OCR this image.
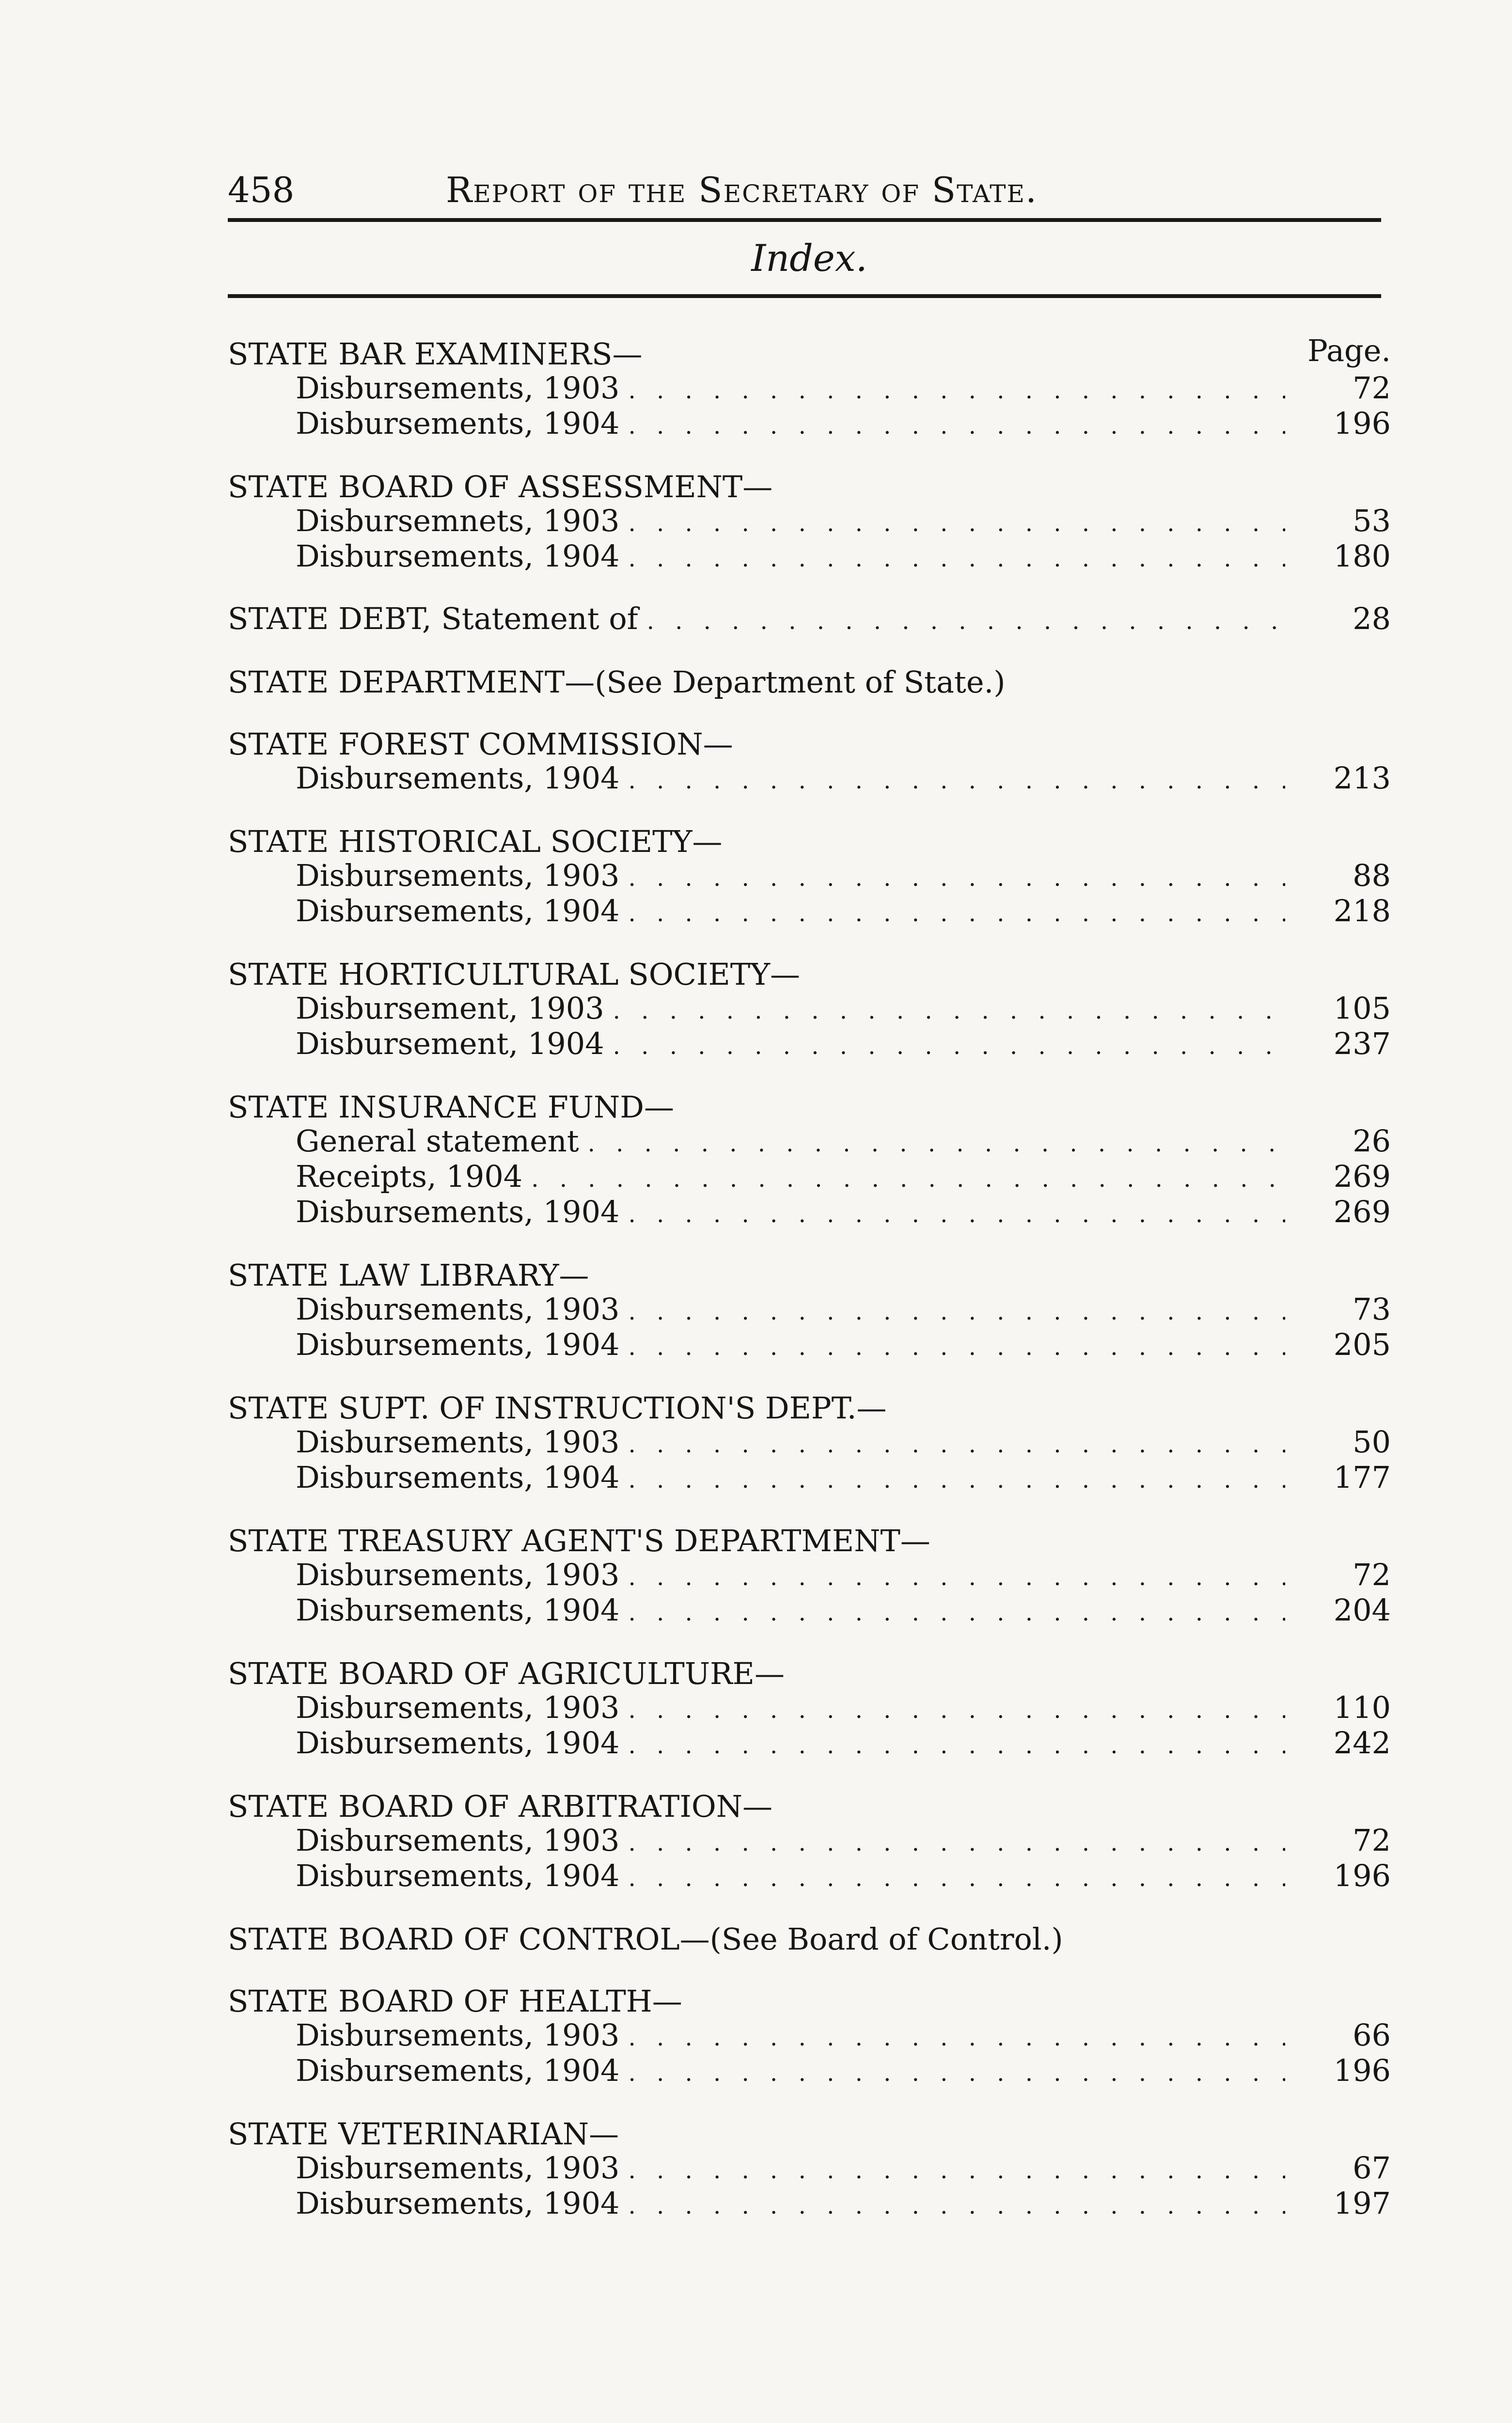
458	Report of the Secretary of State.
Index.
Page.
STATE BAR EXAMINERS—
Disbursements, 1903 . . .	72
Disbursements, 1904 . . .	196
STATE BOARD OF ASSESSMENT—
Disbursemnets, 1903 . . .	53
Disbursements, 1904 . . .	180
STATE DEBT, Statement of . . .	28
STATE DEPARTMENT—(See Department of State.)
STATE FOREST COMMISSION—
Disbursements, 1904 . . .	213
STATE HISTORICAL SOCIETY—
Disbursements, 1903 . . .	88
Disbursements, 1904 . . .	218
STATE HORTICULTURAL SOCIETY—
Disbursement, 1903 . . .	105
Disbursement, 1904 . . .	237
STATE INSURANCE FUND—
General statement . . .	26
Receipts, 1904 . . .	269
Disbursements, 1904 . . .	269
STATE LAW LIBRARY—
Disbursements, 1903 . . .	73
Disbursements, 1904 . . .	205
STATE SUPT. OF INSTRUCTION'S DEPT.—
Disbursements, 1903 . . .	50
Disbursements, 1904 . . .	177
STATE TREASURY AGENT'S DEPARTMENT—
Disbursements, 1903 . . .	72
Disbursements, 1904 . . .	204
STATE BOARD OF AGRICULTURE—
Disbursements, 1903 . . .	110
Disbursements, 1904 . . .	242
STATE BOARD OF ARBITRATION—
Disbursements, 1903 . . .	72
Disbursements, 1904 . . .	196
STATE BOARD OF CONTROL—(See Board of Control.)
STATE BOARD OF HEALTH—
Disbursements, 1903 . . .	66
Disbursements, 1904 . . .	196
STATE VETERINARIAN—
Disbursements, 1903 . . .	67
Disbursements, 1904 . . .	197
